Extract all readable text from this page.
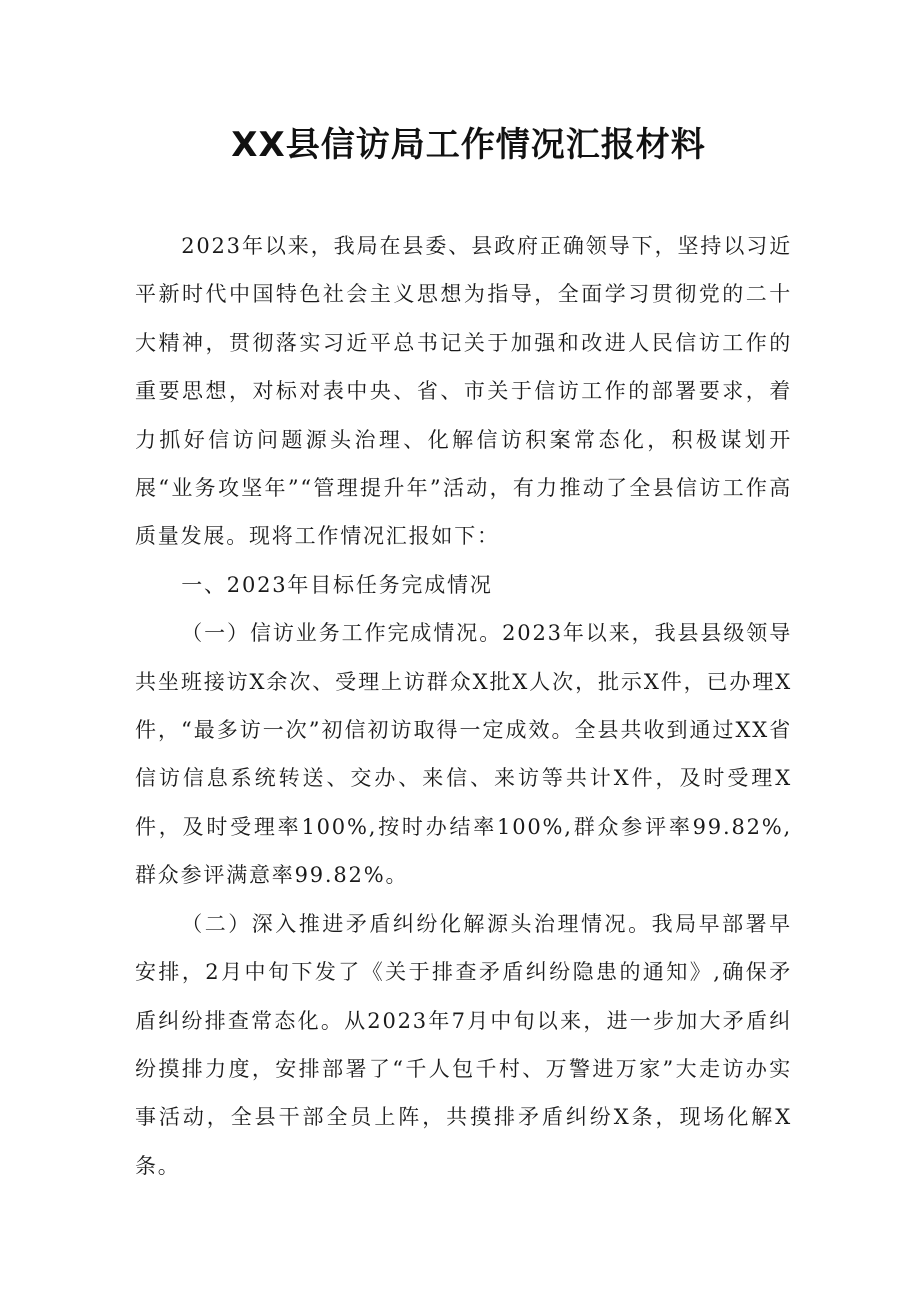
XX县信访局工作情况汇报材料

2023年以来，我局在县委、县政府正确领导下，坚持以习近平新时代中国特色社会主义思想为指导，全面学习贯彻党的二十大精神，贯彻落实习近平总书记关于加强和改进人民信访工作的重要思想，对标对表中央、省、市关于信访工作的部署要求，着力抓好信访问题源头治理、化解信访积案常态化，积极谋划开展“业务攻坚年”“管理提升年”活动，有力推动了全县信访工作高质量发展。现将工作情况汇报如下：

一、2023年目标任务完成情况

（一）信访业务工作完成情况。2023年以来，我县县级领导共坐班接访X余次、受理上访群众X批X人次，批示X件，已办理X件，“最多访一次”初信初访取得一定成效。全县共收到通过XX省信访信息系统转送、交办、来信、来访等共计X件，及时受理X件，及时受理率100%,按时办结率100%,群众参评率99.82%,群众参评满意率99.82%。

（二）深入推进矛盾纠纷化解源头治理情况。我局早部署早安排，2月中旬下发了《关于排查矛盾纠纷隐患的通知》,确保矛盾纠纷排查常态化。从2023年7月中旬以来，进一步加大矛盾纠纷摸排力度，安排部署了“千人包千村、万警进万家”大走访办实事活动，全县干部全员上阵，共摸排矛盾纠纷X条，现场化解X条。
